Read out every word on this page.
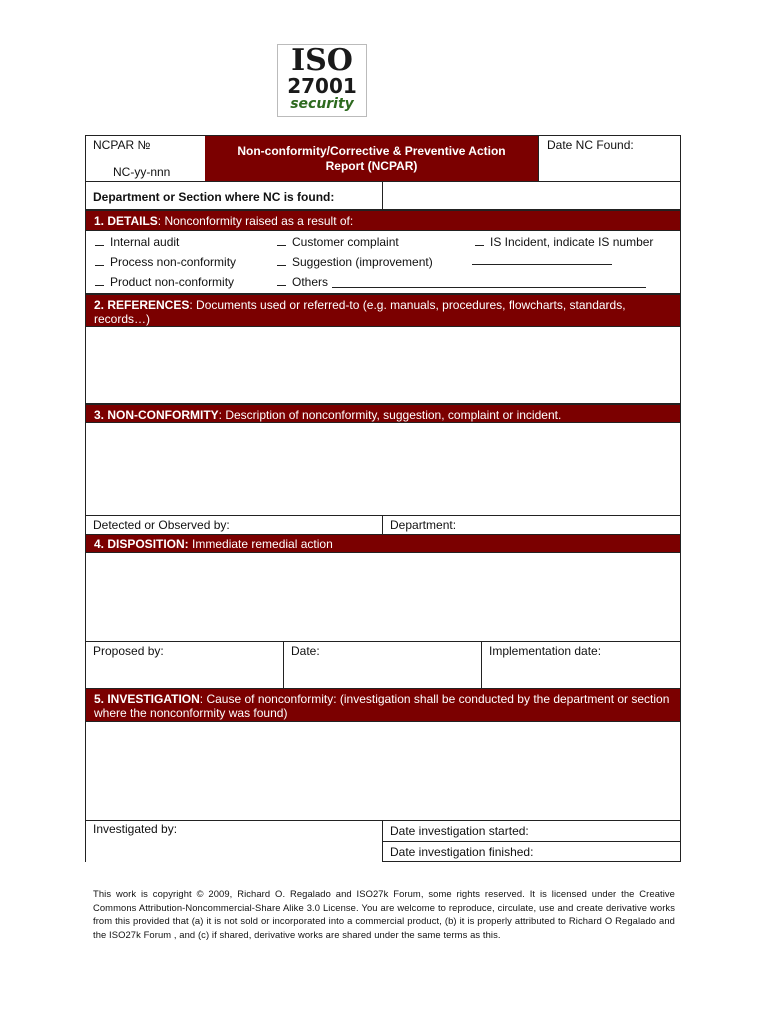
ISO
27001
security
NCPAR №
NC-yy-nnn
Non-conformity/Corrective & Preventive Action Report (NCPAR)
Date NC Found:
Department or Section where NC is found:
1. DETAILS: Nonconformity raised as a result of:
Internal audit	Customer complaint	IS Incident, indicate IS number
Process non-conformity	Suggestion (improvement)
Product non-conformity	Others
2. REFERENCES: Documents used or referred-to (e.g. manuals, procedures, flowcharts, standards, records…)
3. NON-CONFORMITY: Description of nonconformity, suggestion, complaint or incident.
Detected or Observed by:	Department:
4. DISPOSITION: Immediate remedial action
Proposed by:	Date:	Implementation date:
5. INVESTIGATION: Cause of nonconformity: (investigation shall be conducted by the department or section where the nonconformity was found)
Investigated by:	Date investigation started:
Date investigation finished:
This work is copyright © 2009, Richard O. Regalado and ISO27k Forum, some rights reserved. It is licensed under the Creative Commons Attribution-Noncommercial-Share Alike 3.0 License. You are welcome to reproduce, circulate, use and create derivative works from this provided that (a) it is not sold or incorporated into a commercial product, (b) it is properly attributed to Richard O Regalado and the ISO27k Forum , and (c) if shared, derivative works are shared under the same terms as this.
